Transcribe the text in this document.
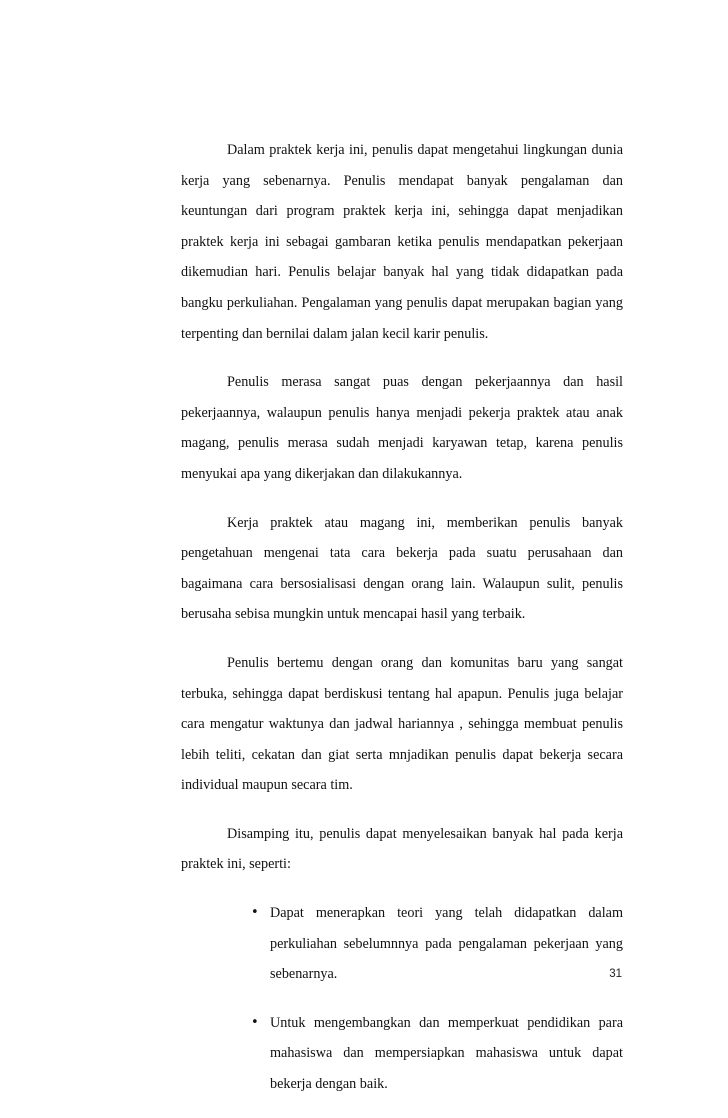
Dalam praktek kerja ini, penulis dapat mengetahui lingkungan dunia kerja yang sebenarnya. Penulis mendapat banyak pengalaman dan keuntungan dari program praktek kerja ini, sehingga dapat menjadikan praktek kerja ini sebagai gambaran ketika penulis mendapatkan pekerjaan dikemudian hari. Penulis belajar banyak hal yang tidak didapatkan pada bangku perkuliahan. Pengalaman yang penulis dapat merupakan bagian yang terpenting dan bernilai dalam jalan kecil karir penulis.

Penulis merasa sangat puas dengan pekerjaannya dan hasil pekerjaannya, walaupun penulis hanya menjadi pekerja praktek atau anak magang, penulis merasa sudah menjadi karyawan tetap, karena penulis menyukai apa yang dikerjakan dan dilakukannya.

Kerja praktek atau magang ini, memberikan penulis banyak pengetahuan mengenai tata cara bekerja pada suatu perusahaan dan bagaimana cara bersosialisasi dengan orang lain. Walaupun sulit, penulis berusaha sebisa mungkin untuk mencapai hasil yang terbaik.

Penulis bertemu dengan orang dan komunitas baru yang sangat terbuka, sehingga dapat berdiskusi tentang hal apapun. Penulis juga belajar cara mengatur waktunya dan jadwal hariannya , sehingga membuat penulis lebih teliti, cekatan dan giat serta mnjadikan penulis dapat bekerja secara individual maupun secara tim.

Disamping itu, penulis dapat menyelesaikan banyak hal pada kerja praktek ini, seperti:

• Dapat menerapkan teori yang telah didapatkan dalam perkuliahan sebelumnnya pada pengalaman pekerjaan yang sebenarnya.
• Untuk mengembangkan dan memperkuat pendidikan para mahasiswa dan mempersiapkan mahasiswa untuk dapat bekerja dengan baik.
31
